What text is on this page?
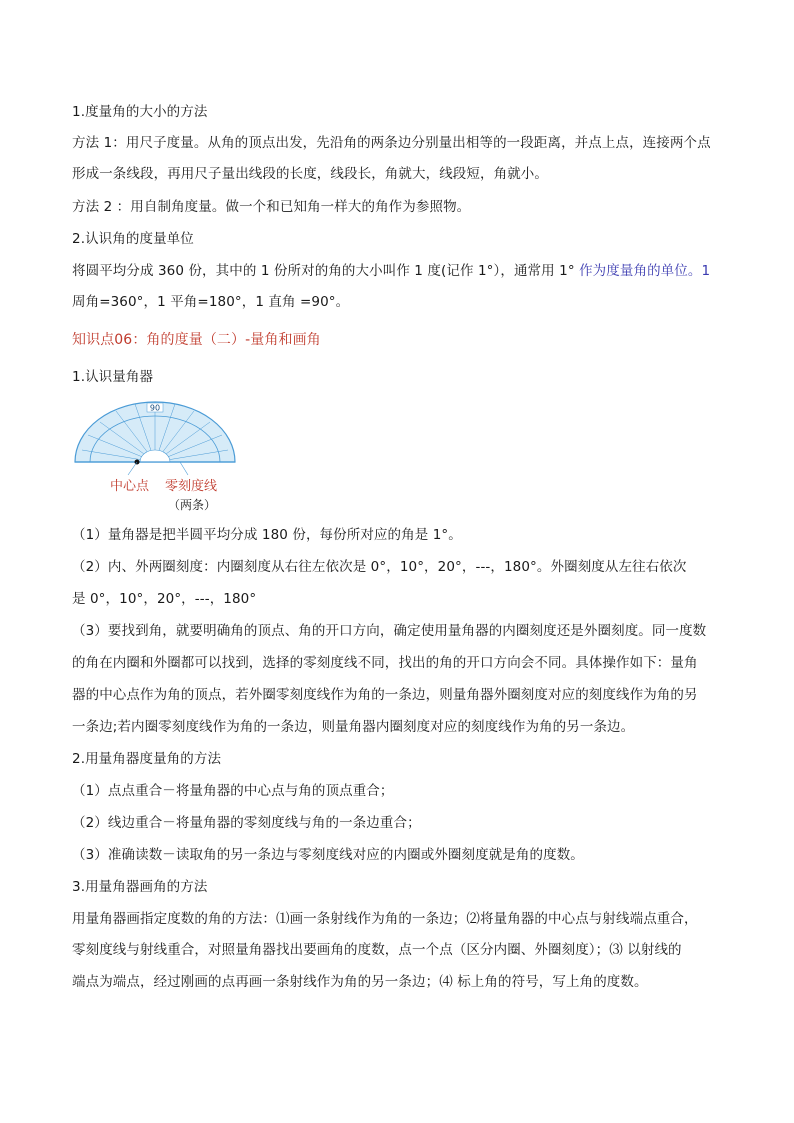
1.度量角的大小的方法
方法 1：用尺子度量。从角的顶点出发，先沿角的两条边分别量出相等的一段距离，并点上点，连接两个点
形成一条线段，再用尺子量出线段的长度，线段长，角就大，线段短，角就小。
方法 2 ：用自制角度量。做一个和已知角一样大的角作为参照物。
2.认识角的度量单位
将圆平均分成 360 份，其中的 1 份所对的角的大小叫作 1 度(记作 1°），通常用 1° 作为度量角的单位。1
周角=360°，1 平角=180°，1 直角 =90°。
知识点06：角的度量（二）-量角和画角
1.认识量角器
90
中心点 零刻度线
（两条）
（1）量角器是把半圆平均分成 180 份，每份所对应的角是 1°。
（2）内、外两圈刻度：内圈刻度从右往左依次是 0°，10°，20°，---，180°。外圈刻度从左往右依次
是 0°，10°，20°，---，180°
（3）要找到角，就要明确角的顶点、角的开口方向，确定使用量角器的内圈刻度还是外圈刻度。同一度数
的角在内圈和外圈都可以找到，选择的零刻度线不同，找出的角的开口方向会不同。具体操作如下：量角
器的中心点作为角的顶点，若外圈零刻度线作为角的一条边，则量角器外圈刻度对应的刻度线作为角的另
一条边;若内圈零刻度线作为角的一条边，则量角器内圈刻度对应的刻度线作为角的另一条边。
2.用量角器度量角的方法
（1）点点重合－将量角器的中心点与角的顶点重合；
（2）线边重合－将量角器的零刻度线与角的一条边重合；
（3）准确读数－读取角的另一条边与零刻度线对应的内圈或外圈刻度就是角的度数。
3.用量角器画角的方法
用量角器画指定度数的角的方法：⑴画一条射线作为角的一条边；⑵将量角器的中心点与射线端点重合，
零刻度线与射线重合，对照量角器找出要画角的度数，点一个点（区分内圈、外圈刻度）；⑶ 以射线的
端点为端点，经过刚画的点再画一条射线作为角的另一条边；⑷ 标上角的符号，写上角的度数。
